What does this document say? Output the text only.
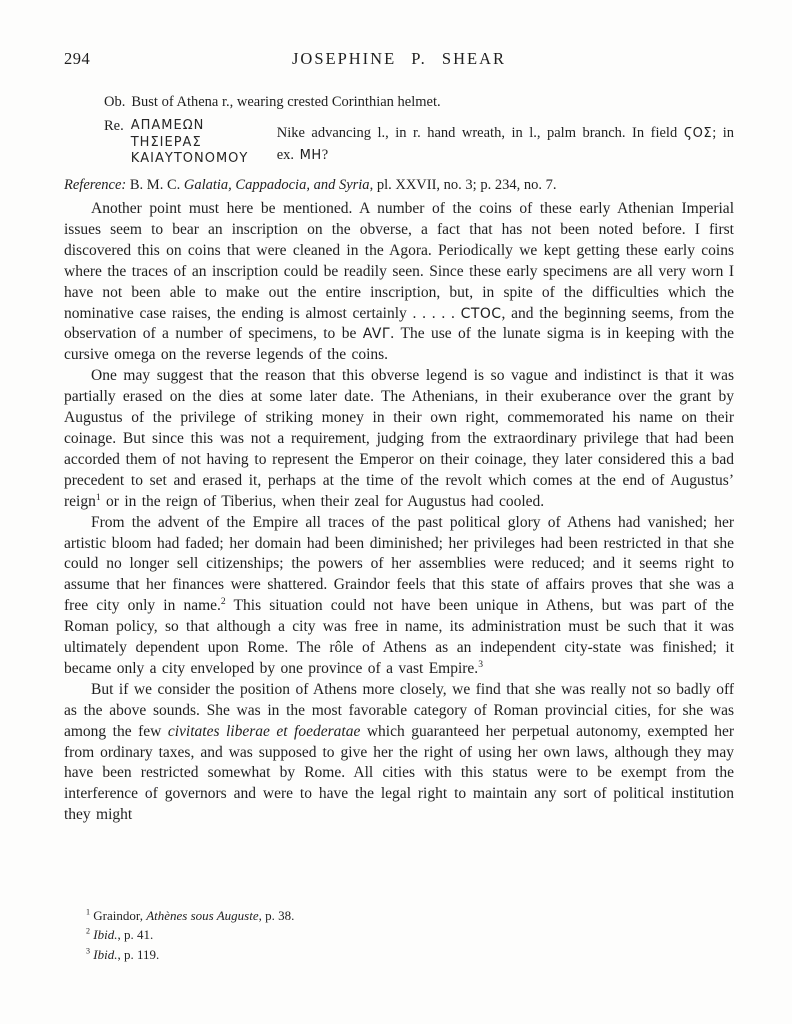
294	JOSEPHINE P. SHEAR
Ob. Bust of Athena r., wearing crested Corinthian helmet.
Re. ΑΠΑΜΕΩΝ
ΤΗΣΙΕΡΑΣ
ΚΑΙΑΥΤΟΝΟΜΟΥ
Nike advancing l., in r. hand wreath, in l., palm branch. In field ϚΟΣ; in ex. ΜΗ?
Reference: B. M. C. Galatia, Cappadocia, and Syria, pl. XXVII, no. 3; p. 234, no. 7.

Another point must here be mentioned. A number of the coins of these early Athenian Imperial issues seem to bear an inscription on the obverse, a fact that has not been noted before. I first discovered this on coins that were cleaned in the Agora. Periodically we kept getting these early coins where the traces of an inscription could be readily seen. Since these early specimens are all very worn I have not been able to make out the entire inscription, but, in spite of the difficulties which the nominative case raises, the ending is almost certainly . . . . . CTOC, and the beginning seems, from the observation of a number of specimens, to be AVΓ. The use of the lunate sigma is in keeping with the cursive omega on the reverse legends of the coins.

One may suggest that the reason that this obverse legend is so vague and indistinct is that it was partially erased on the dies at some later date. The Athenians, in their exuberance over the grant by Augustus of the privilege of striking money in their own right, commemorated his name on their coinage. But since this was not a requirement, judging from the extraordinary privilege that had been accorded them of not having to represent the Emperor on their coinage, they later considered this a bad precedent to set and erased it, perhaps at the time of the revolt which comes at the end of Augustus’ reign$^1$ or in the reign of Tiberius, when their zeal for Augustus had cooled.

From the advent of the Empire all traces of the past political glory of Athens had vanished; her artistic bloom had faded; her domain had been diminished; her privileges had been restricted in that she could no longer sell citizenships; the powers of her assemblies were reduced; and it seems right to assume that her finances were shattered. Graindor feels that this state of affairs proves that she was a free city only in name.$^2$ This situation could not have been unique in Athens, but was part of the Roman policy, so that although a city was free in name, its administration must be such that it was ultimately dependent upon Rome. The rôle of Athens as an independent city-state was finished; it became only a city enveloped by one province of a vast Empire.$^3$

But if we consider the position of Athens more closely, we find that she was really not so badly off as the above sounds. She was in the most favorable category of Roman provincial cities, for she was among the few civitates liberae et foederatae which guaranteed her perpetual autonomy, exempted her from ordinary taxes, and was supposed to give her the right of using her own laws, although they may have been restricted somewhat by Rome. All cities with this status were to be exempt from the interference of governors and were to have the legal right to maintain any sort of political institution they might

$^1$ Graindor, Athènes sous Auguste, p. 38.
$^2$ Ibid., p. 41.
$^3$ Ibid., p. 119.
